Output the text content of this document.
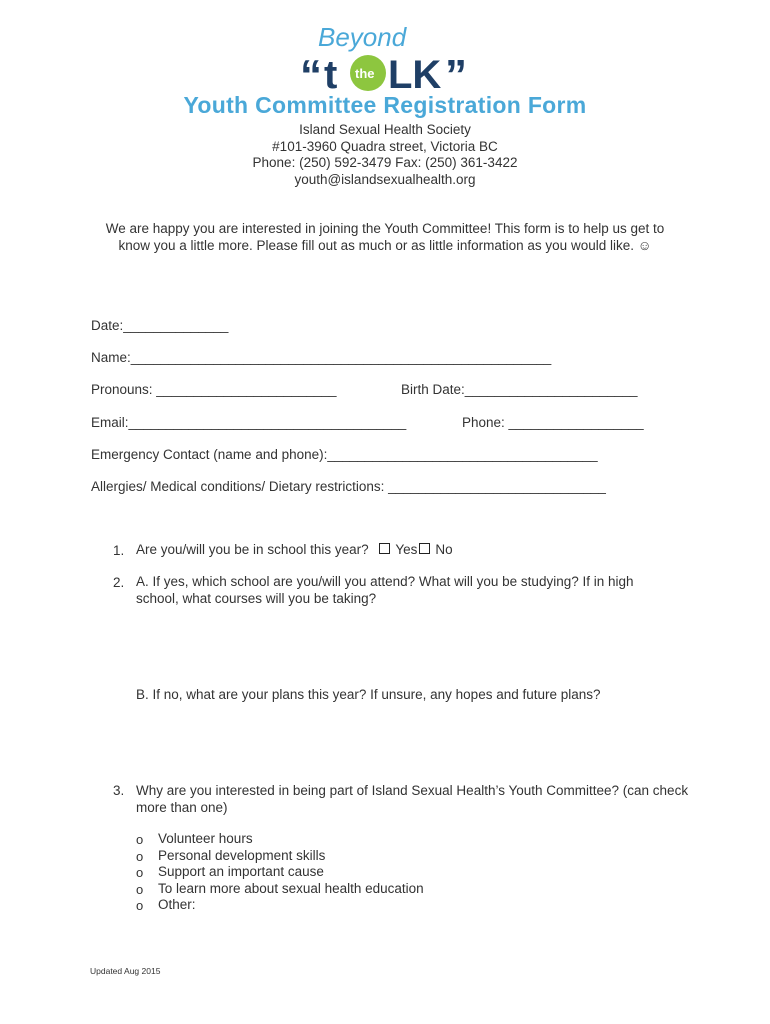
Beyond
“ t the LK ”
Youth Committee Registration Form
Island Sexual Health Society
#101-3960 Quadra street, Victoria BC
Phone: (250) 592-3479 Fax: (250) 361-3422
youth@islandsexualhealth.org
We are happy you are interested in joining the Youth Committee! This form is to help us get to know you a little more. Please fill out as much or as little information as you would like. ☺
Date:______________
Name:________________________________________________________
Pronouns: ________________________	Birth Date:_______________________
Email:_____________________________________	Phone: __________________
Emergency Contact (name and phone):____________________________________
Allergies/ Medical conditions/ Dietary restrictions: _____________________________
1. Are you/will you be in school this year? Yes No
2. A. If yes, which school are you/will you attend? What will you be studying? If in high school, what courses will you be taking?
B. If no, what are your plans this year? If unsure, any hopes and future plans?
3. Why are you interested in being part of Island Sexual Health’s Youth Committee? (can check more than one)
o Volunteer hours
o Personal development skills
o Support an important cause
o To learn more about sexual health education
o Other:
Updated Aug 2015
